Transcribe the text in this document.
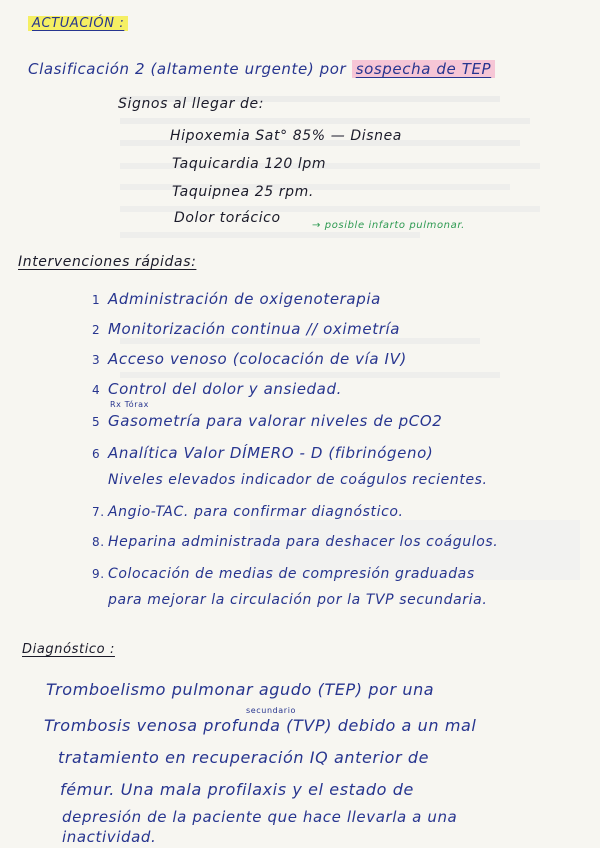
ACTUACIÓN :
Clasificación 2 (altamente urgente) por sospecha de TEP
Signos al llegar de:
Hipoxemia Sat° 85% — Disnea
Taquicardia 120 lpm
Taquipnea 25 rpm.
Dolor torácico	→ posible infarto pulmonar.
Intervenciones rápidas:
1 Administración de oxigenoterapia
2 Monitorización continua // oximetría
3 Acceso venoso (colocación de vía IV)
4 Control del dolor y ansiedad.
Rx Tórax
5 Gasometría para valorar niveles de pCO2
6 Analítica Valor DÍMERO - D (fibrinógeno)
Niveles elevados indicador de coágulos recientes.
7. Angio-TAC. para confirmar diagnóstico.
8. Heparina administrada para deshacer los coágulos.
9. Colocación de medias de compresión graduadas
para mejorar la circulación por la TVP secundaria.
Diagnóstico :
Tromboelismo pulmonar agudo (TEP) por una
secundario
Trombosis venosa profunda (TVP) debido a un mal
tratamiento en recuperación IQ anterior de
fémur. Una mala profilaxis y el estado de
depresión de la paciente que hace llevarla a una
inactividad.
